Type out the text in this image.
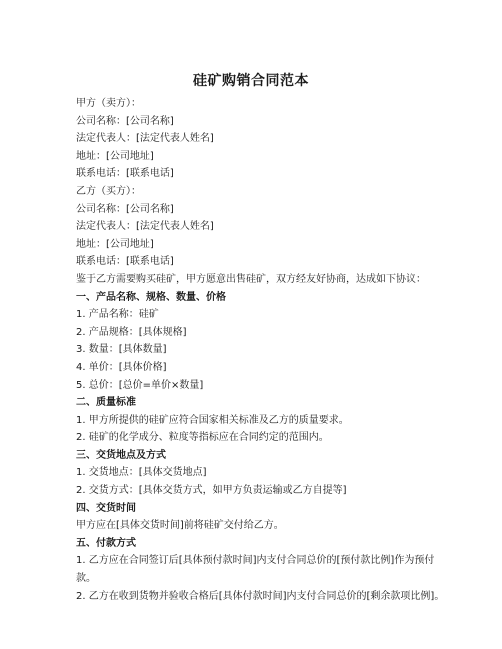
硅矿购销合同范本
甲方（卖方）：
公司名称：[公司名称]
法定代表人：[法定代表人姓名]
地址：[公司地址]
联系电话：[联系电话]
乙方（买方）：
公司名称：[公司名称]
法定代表人：[法定代表人姓名]
地址：[公司地址]
联系电话：[联系电话]
鉴于乙方需要购买硅矿，甲方愿意出售硅矿，双方经友好协商，达成如下协议：
一、产品名称、规格、数量、价格
1. 产品名称：硅矿
2. 产品规格：[具体规格]
3. 数量：[具体数量]
4. 单价：[具体价格]
5. 总价：[总价=单价×数量]
二、质量标准
1. 甲方所提供的硅矿应符合国家相关标准及乙方的质量要求。
2. 硅矿的化学成分、粒度等指标应在合同约定的范围内。
三、交货地点及方式
1. 交货地点：[具体交货地点]
2. 交货方式：[具体交货方式，如甲方负责运输或乙方自提等]
四、交货时间
甲方应在[具体交货时间]前将硅矿交付给乙方。
五、付款方式
1. 乙方应在合同签订后[具体预付款时间]内支付合同总价的[预付款比例]作为预付款。
2. 乙方在收到货物并验收合格后[具体付款时间]内支付合同总价的[剩余款项比例]。
